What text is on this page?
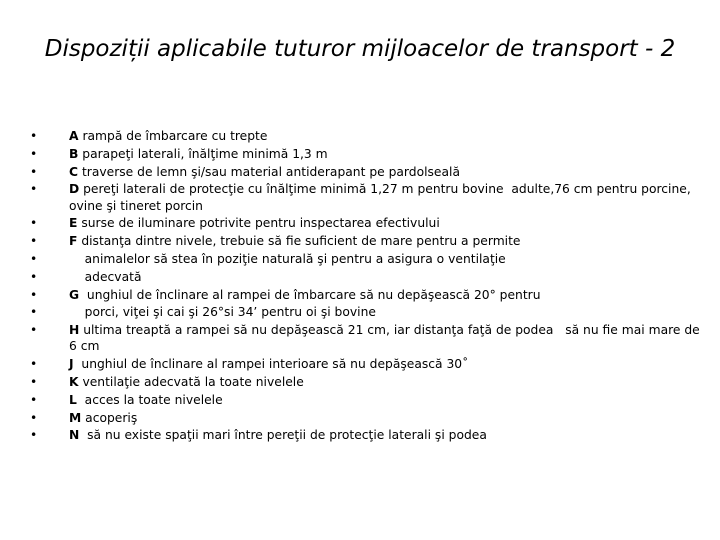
Dispoziții aplicabile tuturor mijloacelor de transport - 2
•	A rampă de îmbarcare cu trepte
•	B parapeţi laterali, înălţime minimă 1,3 m
•	C traverse de lemn şi/sau material antiderapant pe pardolseală
•	D pereţi laterali de protecţie cu înălţime minimă 1,27 m pentru bovine  adulte,76 cm pentru porcine, ovine şi tineret porcin
•	E surse de iluminare potrivite pentru inspectarea efectivului
•	F distanţa dintre nivele, trebuie să fie suficient de mare pentru a permite
•	animalelor să stea în poziţie naturală şi pentru a asigura o ventilaţie
•	adecvată
•	G  unghiul de înclinare al rampei de îmbarcare să nu depăşească 20° pentru
•	porci, viţei şi cai şi 26°si 34’ pentru oi şi bovine
•	H ultima treaptă a rampei să nu depăşească 21 cm, iar distanţa faţă de podea   să nu fie mai mare de 6 cm
•	J  unghiul de înclinare al rampei interioare să nu depăşească 30˚
•	K ventilaţie adecvată la toate nivelele
•	L  acces la toate nivelele
•	M acoperiş
•	N  să nu existe spaţii mari între pereţii de protecţie laterali şi podea
